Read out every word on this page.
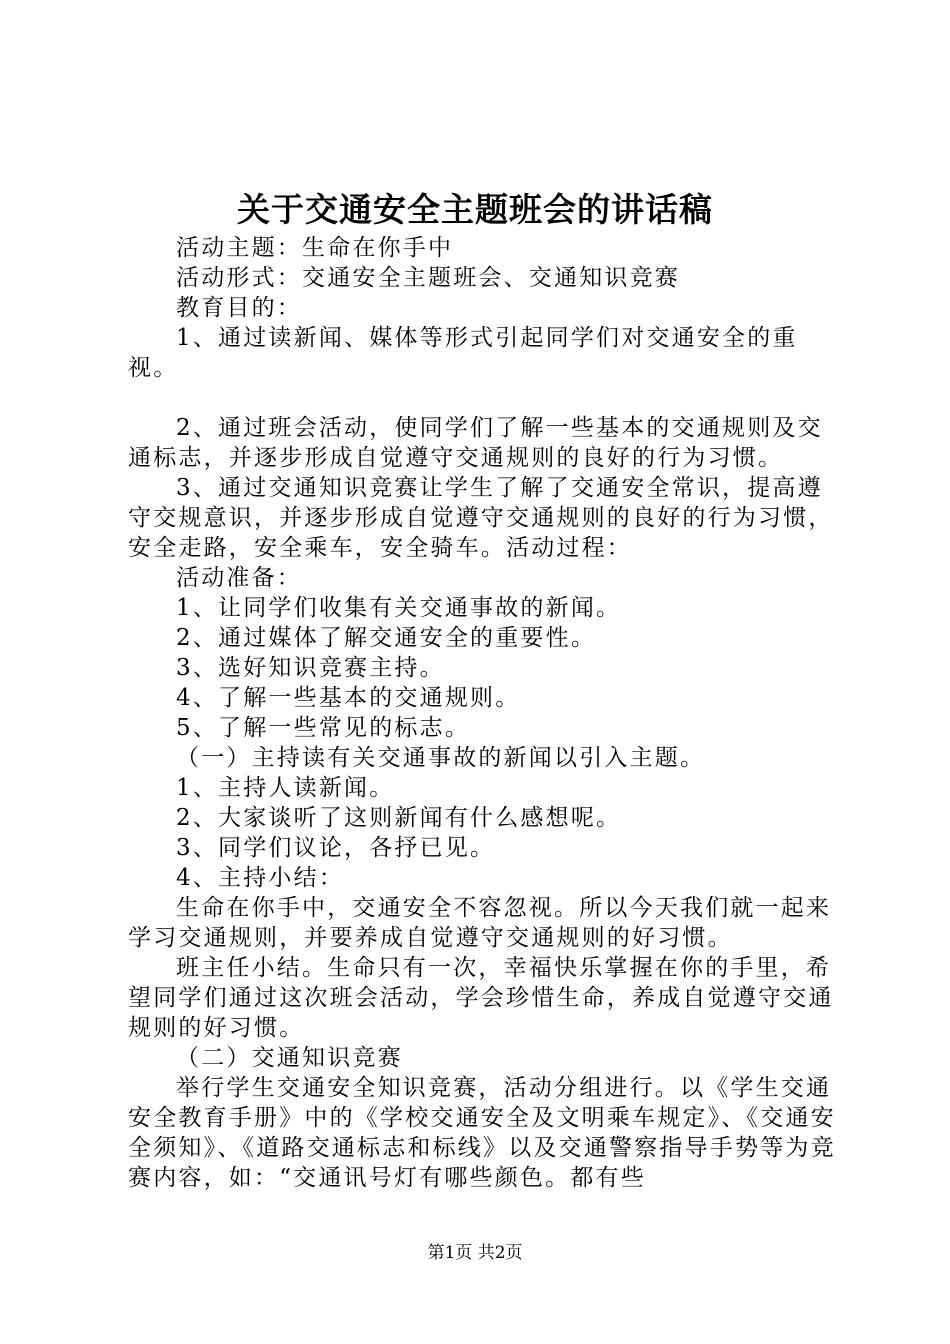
关于交通安全主题班会的讲话稿

活动主题：生命在你手中

活动形式：交通安全主题班会、交通知识竞赛

教育目的：

1、通过读新闻、媒体等形式引起同学们对交通安全的重视。

2、通过班会活动，使同学们了解一些基本的交通规则及交通标志，并逐步形成自觉遵守交通规则的良好的行为习惯。

3、通过交通知识竞赛让学生了解了交通安全常识，提高遵守交规意识，并逐步形成自觉遵守交通规则的良好的行为习惯，安全走路，安全乘车，安全骑车。活动过程：

活动准备：

1、让同学们收集有关交通事故的新闻。

2、通过媒体了解交通安全的重要性。

3、选好知识竞赛主持。

4、了解一些基本的交通规则。

5、了解一些常见的标志。

（一）主持读有关交通事故的新闻以引入主题。

1、主持人读新闻。

2、大家谈听了这则新闻有什么感想呢。

3、同学们议论，各抒已见。

4、主持小结：

生命在你手中，交通安全不容忽视。所以今天我们就一起来学习交通规则，并要养成自觉遵守交通规则的好习惯。

班主任小结。生命只有一次，幸福快乐掌握在你的手里，希望同学们通过这次班会活动，学会珍惜生命，养成自觉遵守交通规则的好习惯。

（二）交通知识竞赛

举行学生交通安全知识竞赛，活动分组进行。以《学生交通安全教育手册》中的《学校交通安全及文明乘车规定》、《交通安全须知》、《道路交通标志和标线》以及交通警察指导手势等为竞赛内容，如：“交通讯号灯有哪些颜色。都有些

第1页 共2页
